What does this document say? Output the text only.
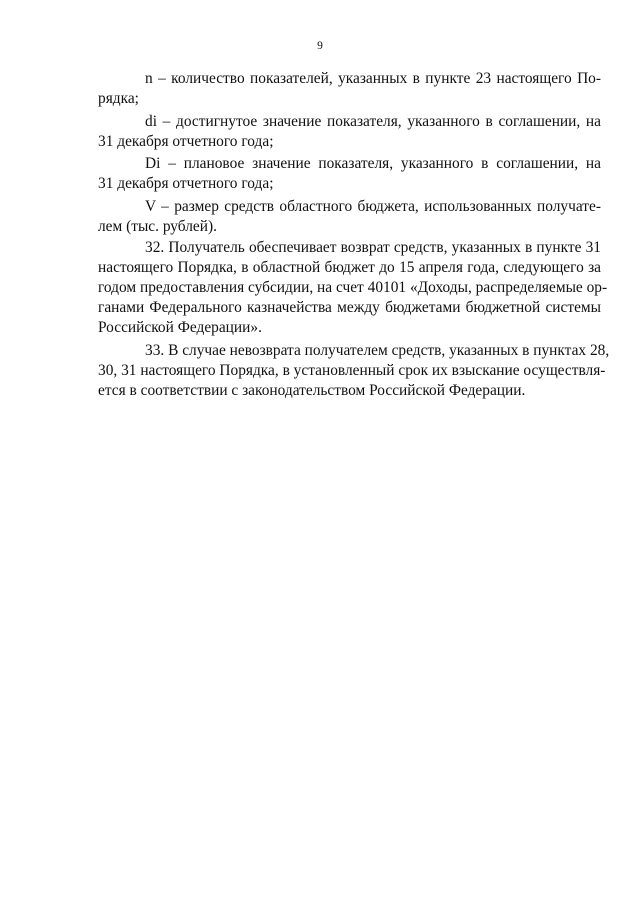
9
n – количество показателей, указанных в пункте 23 настоящего По-
рядка;
di – достигнутое значение показателя, указанного в соглашении, на
31 декабря отчетного года;
Di – плановое значение показателя, указанного в соглашении, на
31 декабря отчетного года;
V – размер средств областного бюджета, использованных получате-
лем (тыс. рублей).
32. Получатель обеспечивает возврат средств, указанных в пункте 31
настоящего Порядка, в областной бюджет до 15 апреля года, следующего за
годом предоставления субсидии, на счет 40101 «Доходы, распределяемые ор-
ганами Федерального казначейства между бюджетами бюджетной системы
Российской Федерации».
33. В случае невозврата получателем средств, указанных в пунктах 28,
30, 31 настоящего Порядка, в установленный срок их взыскание осуществля-
ется в соответствии с законодательством Российской Федерации.
